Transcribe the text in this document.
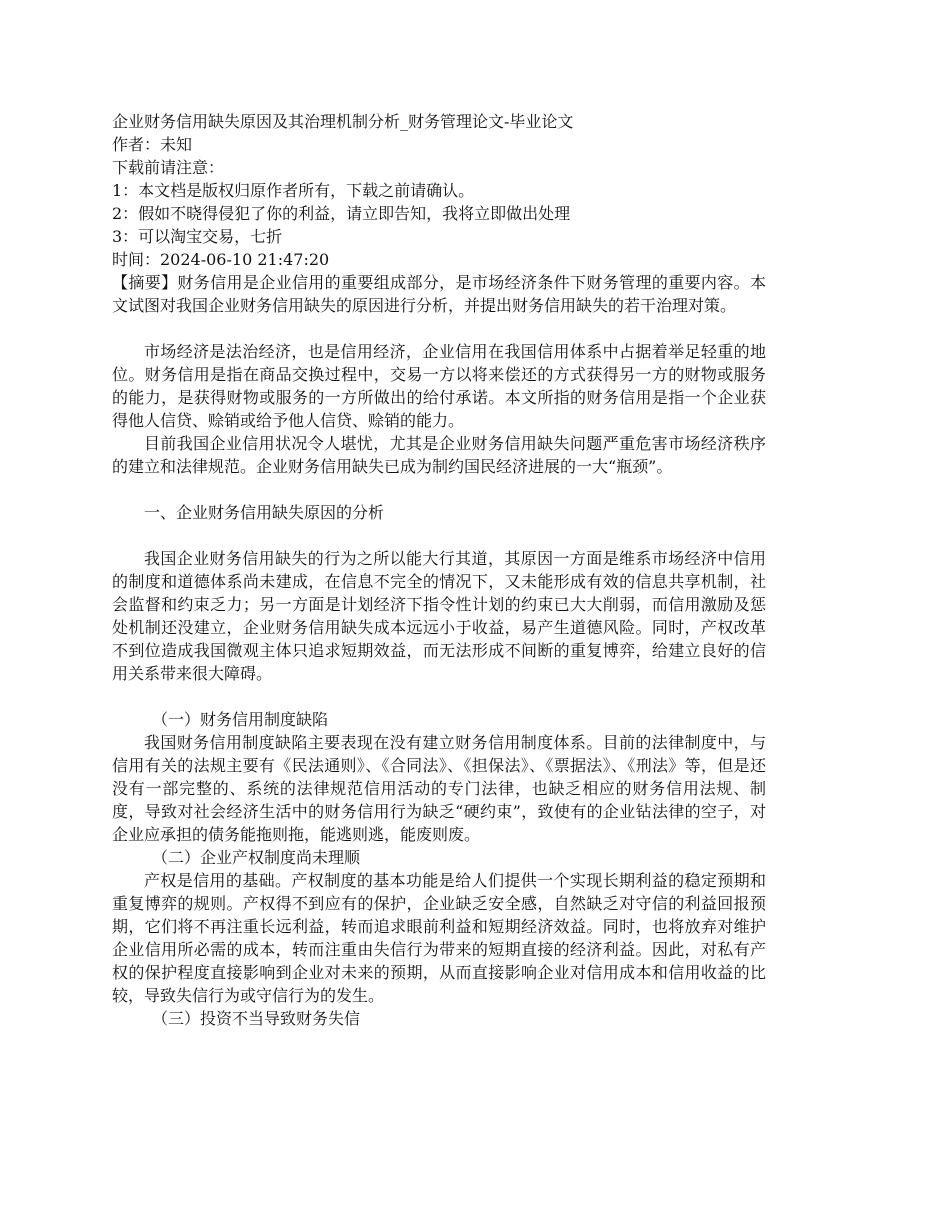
企业财务信用缺失原因及其治理机制分析_财务管理论文-毕业论文
作者：未知
下载前请注意：
1：本文档是版权归原作者所有，下载之前请确认。
2：假如不晓得侵犯了你的利益，请立即告知，我将立即做出处理
3：可以淘宝交易，七折
时间：2024-06-10 21:47:20

【摘要】财务信用是企业信用的重要组成部分，是市场经济条件下财务管理的重要内容。本文试图对我国企业财务信用缺失的原因进行分析，并提出财务信用缺失的若干治理对策。

市场经济是法治经济，也是信用经济，企业信用在我国信用体系中占据着举足轻重的地位。财务信用是指在商品交换过程中，交易一方以将来偿还的方式获得另一方的财物或服务的能力，是获得财物或服务的一方所做出的给付承诺。本文所指的财务信用是指一个企业获得他人信贷、赊销或给予他人信贷、赊销的能力。

目前我国企业信用状况令人堪忧，尤其是企业财务信用缺失问题严重危害市场经济秩序的建立和法律规范。企业财务信用缺失已成为制约国民经济进展的一大“瓶颈”。

一、企业财务信用缺失原因的分析

我国企业财务信用缺失的行为之所以能大行其道，其原因一方面是维系市场经济中信用的制度和道德体系尚未建成，在信息不完全的情况下，又未能形成有效的信息共享机制，社会监督和约束乏力；另一方面是计划经济下指令性计划的约束已大大削弱，而信用激励及惩处机制还没建立，企业财务信用缺失成本远远小于收益，易产生道德风险。同时，产权改革不到位造成我国微观主体只追求短期效益，而无法形成不间断的重复博弈，给建立良好的信用关系带来很大障碍。

（一）财务信用制度缺陷

我国财务信用制度缺陷主要表现在没有建立财务信用制度体系。目前的法律制度中，与信用有关的法规主要有《民法通则》、《合同法》、《担保法》、《票据法》、《刑法》等，但是还没有一部完整的、系统的法律规范信用活动的专门法律，也缺乏相应的财务信用法规、制度，导致对社会经济生活中的财务信用行为缺乏“硬约束”，致使有的企业钻法律的空子，对企业应承担的债务能拖则拖，能逃则逃，能废则废。

（二）企业产权制度尚未理顺

产权是信用的基础。产权制度的基本功能是给人们提供一个实现长期利益的稳定预期和重复博弈的规则。产权得不到应有的保护，企业缺乏安全感，自然缺乏对守信的利益回报预期，它们将不再注重长远利益，转而追求眼前利益和短期经济效益。同时，也将放弃对维护企业信用所必需的成本，转而注重由失信行为带来的短期直接的经济利益。因此，对私有产权的保护程度直接影响到企业对未来的预期，从而直接影响企业对信用成本和信用收益的比较，导致失信行为或守信行为的发生。

（三）投资不当导致财务失信
